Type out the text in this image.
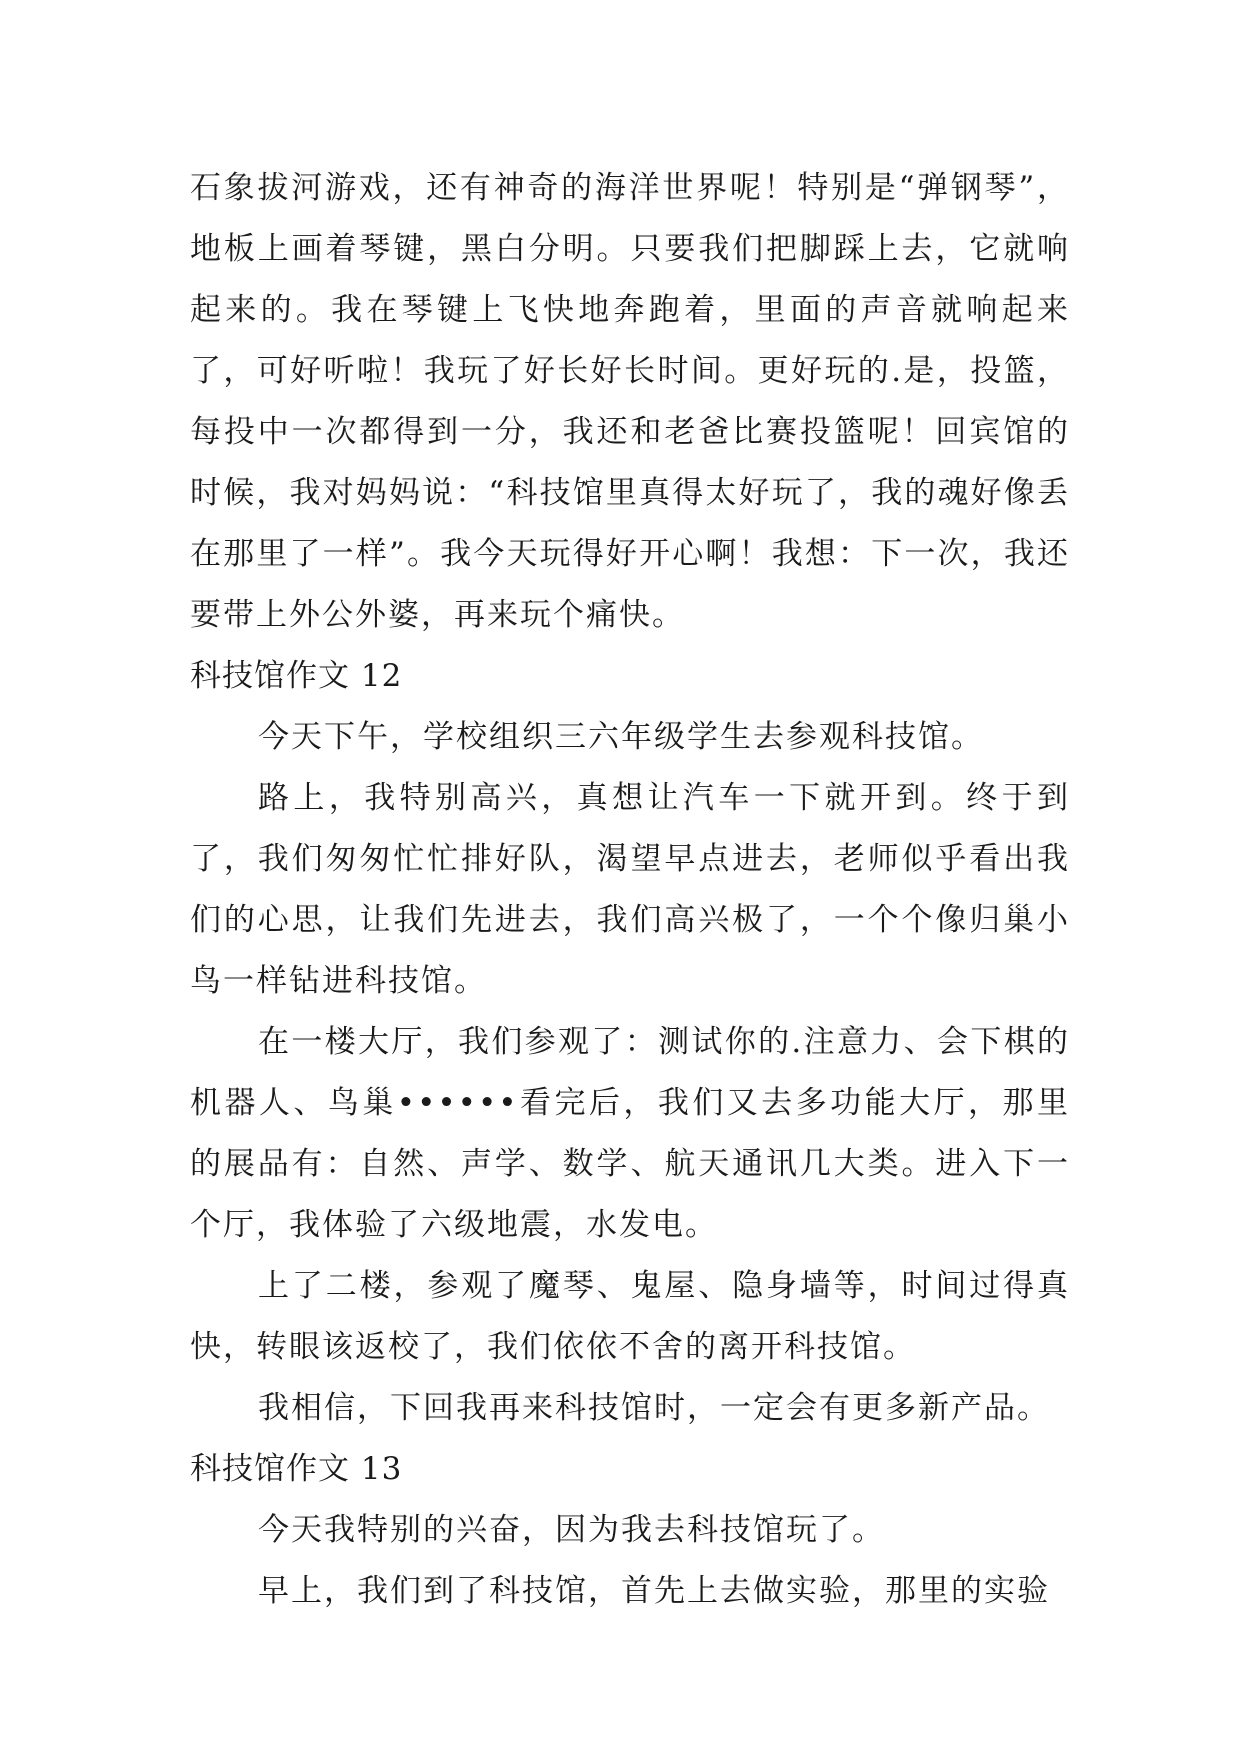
石象拔河游戏，还有神奇的海洋世界呢！特别是“弹钢琴”，地板上画着琴键，黑白分明。只要我们把脚踩上去，它就响起来的。我在琴键上飞快地奔跑着，里面的声音就响起来了，可好听啦！我玩了好长好长时间。更好玩的.是，投篮，每投中一次都得到一分，我还和老爸比赛投篮呢！回宾馆的时候，我对妈妈说：“科技馆里真得太好玩了，我的魂好像丢在那里了一样”。我今天玩得好开心啊！我想：下一次，我还要带上外公外婆，再来玩个痛快。

科技馆作文 12

今天下午，学校组织三六年级学生去参观科技馆。

路上，我特别高兴，真想让汽车一下就开到。终于到了，我们匆匆忙忙排好队，渴望早点进去，老师似乎看出我们的心思，让我们先进去，我们高兴极了，一个个像归巢小鸟一样钻进科技馆。

在一楼大厅，我们参观了：测试你的.注意力、会下棋的机器人、鸟巢••••••看完后，我们又去多功能大厅，那里的展品有：自然、声学、数学、航天通讯几大类。进入下一个厅，我体验了六级地震，水发电。

上了二楼，参观了魔琴、鬼屋、隐身墙等，时间过得真快，转眼该返校了，我们依依不舍的离开科技馆。

我相信，下回我再来科技馆时，一定会有更多新产品。

科技馆作文 13

今天我特别的兴奋，因为我去科技馆玩了。

早上，我们到了科技馆，首先上去做实验，那里的实验
